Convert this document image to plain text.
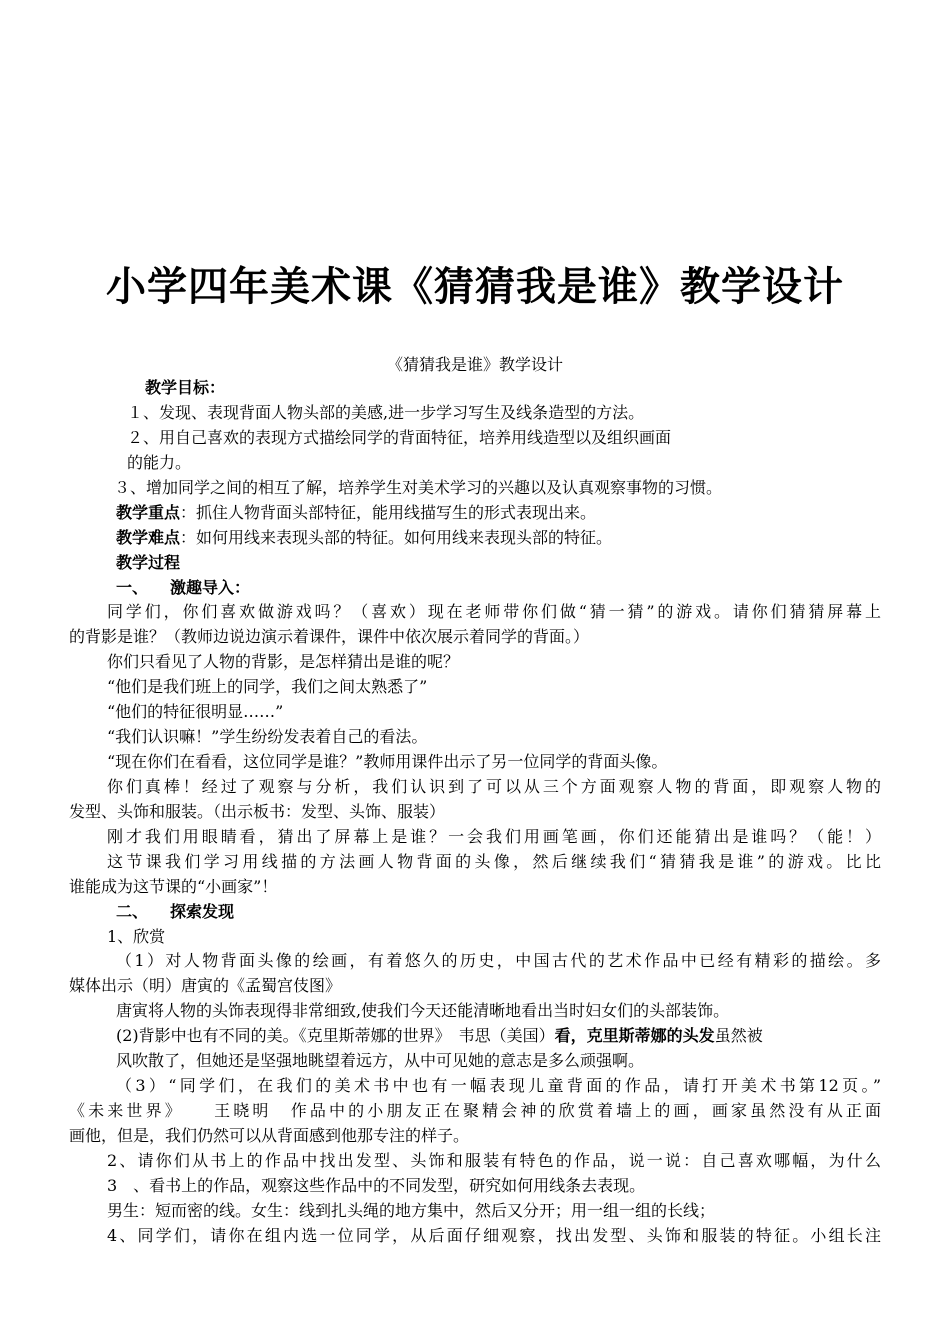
小学四年美术课《猜猜我是谁》教学设计

《猜猜我是谁》教学设计

教学目标：

１、发现、表现背面人物头部的美感,进一步学习写生及线条造型的方法。

２、用自己喜欢的表现方式描绘同学的背面特征，培养用线造型以及组织画面

的能力。

３、增加同学之间的相互了解，培养学生对美术学习的兴趣以及认真观察事物的习惯。

教学重点：抓住人物背面头部特征，能用线描写生的形式表现出来。

教学难点：如何用线来表现头部的特征。如何用线来表现头部的特征。

教学过程

一、 激趣导入：

同学们，你们喜欢做游戏吗？（喜欢）现在老师带你们做“猜一猜”的游戏。请你们猜猜屏幕上

的背影是谁？（教师边说边演示着课件，课件中依次展示着同学的背面。）

你们只看见了人物的背影，是怎样猜出是谁的呢？

“他们是我们班上的同学，我们之间太熟悉了”

“他们的特征很明显……”

“我们认识嘛！”学生纷纷发表着自己的看法。

“现在你们在看看，这位同学是谁？”教师用课件出示了另一位同学的背面头像。

你们真棒！经过了观察与分析，我们认识到了可以从三个方面观察人物的背面，即观察人物的

发型、头饰和服装。（出示板书：发型、头饰、服装）

刚才我们用眼睛看，猜出了屏幕上是谁？一会我们用画笔画，你们还能猜出是谁吗？（能！）

这节课我们学习用线描的方法画人物背面的头像，然后继续我们“猜猜我是谁”的游戏。比比

谁能成为这节课的“小画家”！

二、 探索发现

1、欣赏

（1）对人物背面头像的绘画，有着悠久的历史，中国古代的艺术作品中已经有精彩的描绘。多

媒体出示（明）唐寅的《孟蜀宫伎图》

唐寅将人物的头饰表现得非常细致,使我们今天还能清晰地看出当时妇女们的头部装饰。

(2)背影中也有不同的美。《克里斯蒂娜的世界》　韦思（美国）看，克里斯蒂娜的头发虽然被

风吹散了，但她还是坚强地眺望着远方，从中可见她的意志是多么顽强啊。

（3）“同学们，在我们的美术书中也有一幅表现儿童背面的作品，请打开美术书第12页。”

《未来世界》　　王晓明　作品中的小朋友正在聚精会神的欣赏着墙上的画，画家虽然没有从正面

画他，但是，我们仍然可以从背面感到他那专注的样子。

2、请你们从书上的作品中找出发型、头饰和服装有特色的作品，说一说：自己喜欢哪幅，为什么

3　、看书上的作品，观察这些作品中的不同发型，研究如何用线条去表现。

男生：短而密的线。女生：线到扎头绳的地方集中，然后又分开；用一组一组的长线；

4、同学们，请你在组内选一位同学，从后面仔细观察，找出发型、头饰和服装的特征。小组长注
